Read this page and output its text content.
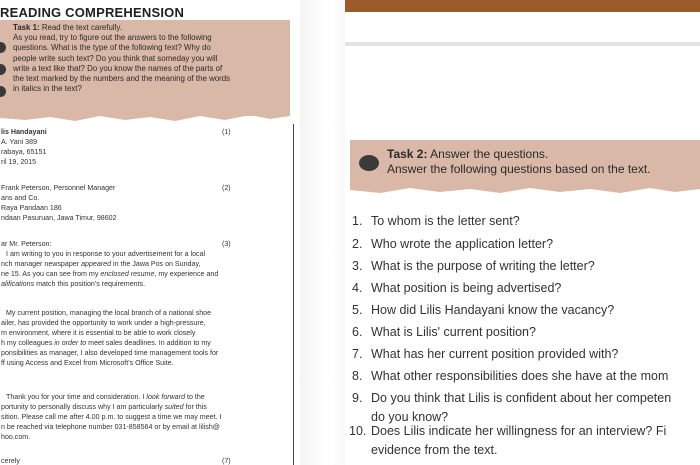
READING COMPREHENSION
Task 1: Read the text carefully.
As you read, try to figure out the answers to the following
questions. What is the type of the following text? Why do
people write such text? Do you think that someday you will
write a text like that? Do you know the names of the parts of
the text marked by the numbers and the meaning of the words
in italics in the text?
lis Handayani
A. Yani 389
rabaya, 65151
ril 19, 2015
(1)
Frank Peterson, Personnel Manager
ans and Co.
Raya Pandaan 186
ndaan Pasuruan, Jawa Timur, 98602
(2)
ar Mr. Peterson:	(3)
I am writing to you in response to your advertisement for a local
nch manager newspaper appeared in the Jawa Pos on Sunday,
ne 15. As you can see from my enclosed resume, my experience and
alifications match this position's requirements.
My current position, managing the local branch of a national shoe
ailer, has provided the opportunity to work under a high-pressure,
m environment, where it is essential to be able to work closely
h my colleagues in order to meet sales deadlines. In addition to my
ponsibilities as manager, I also developed time management tools for
ff using Access and Excel from Microsoft's Office Suite.
Thank you for your time and consideration. I look forward to the
portunity to personally discuss why I am particularly suited for this
sition. Please call me after 4.00 p.m. to suggest a time we may meet. I
n be reached via telephone number 031-858564 or by email at lilish@
hoo.com.
cerely	(7)
Task 2: Answer the questions.
Answer the following questions based on the text.
1. To whom is the letter sent?
2. Who wrote the application letter?
3. What is the purpose of writing the letter?
4. What position is being advertised?
5. How did Lilis Handayani know the vacancy?
6. What is Lilis' current position?
7. What has her current position provided with?
8. What other responsibilities does she have at the mom
9. Do you think that Lilis is confident about her competen
do you know?
10. Does Lilis indicate her willingness for an interview? Fi
evidence from the text.
